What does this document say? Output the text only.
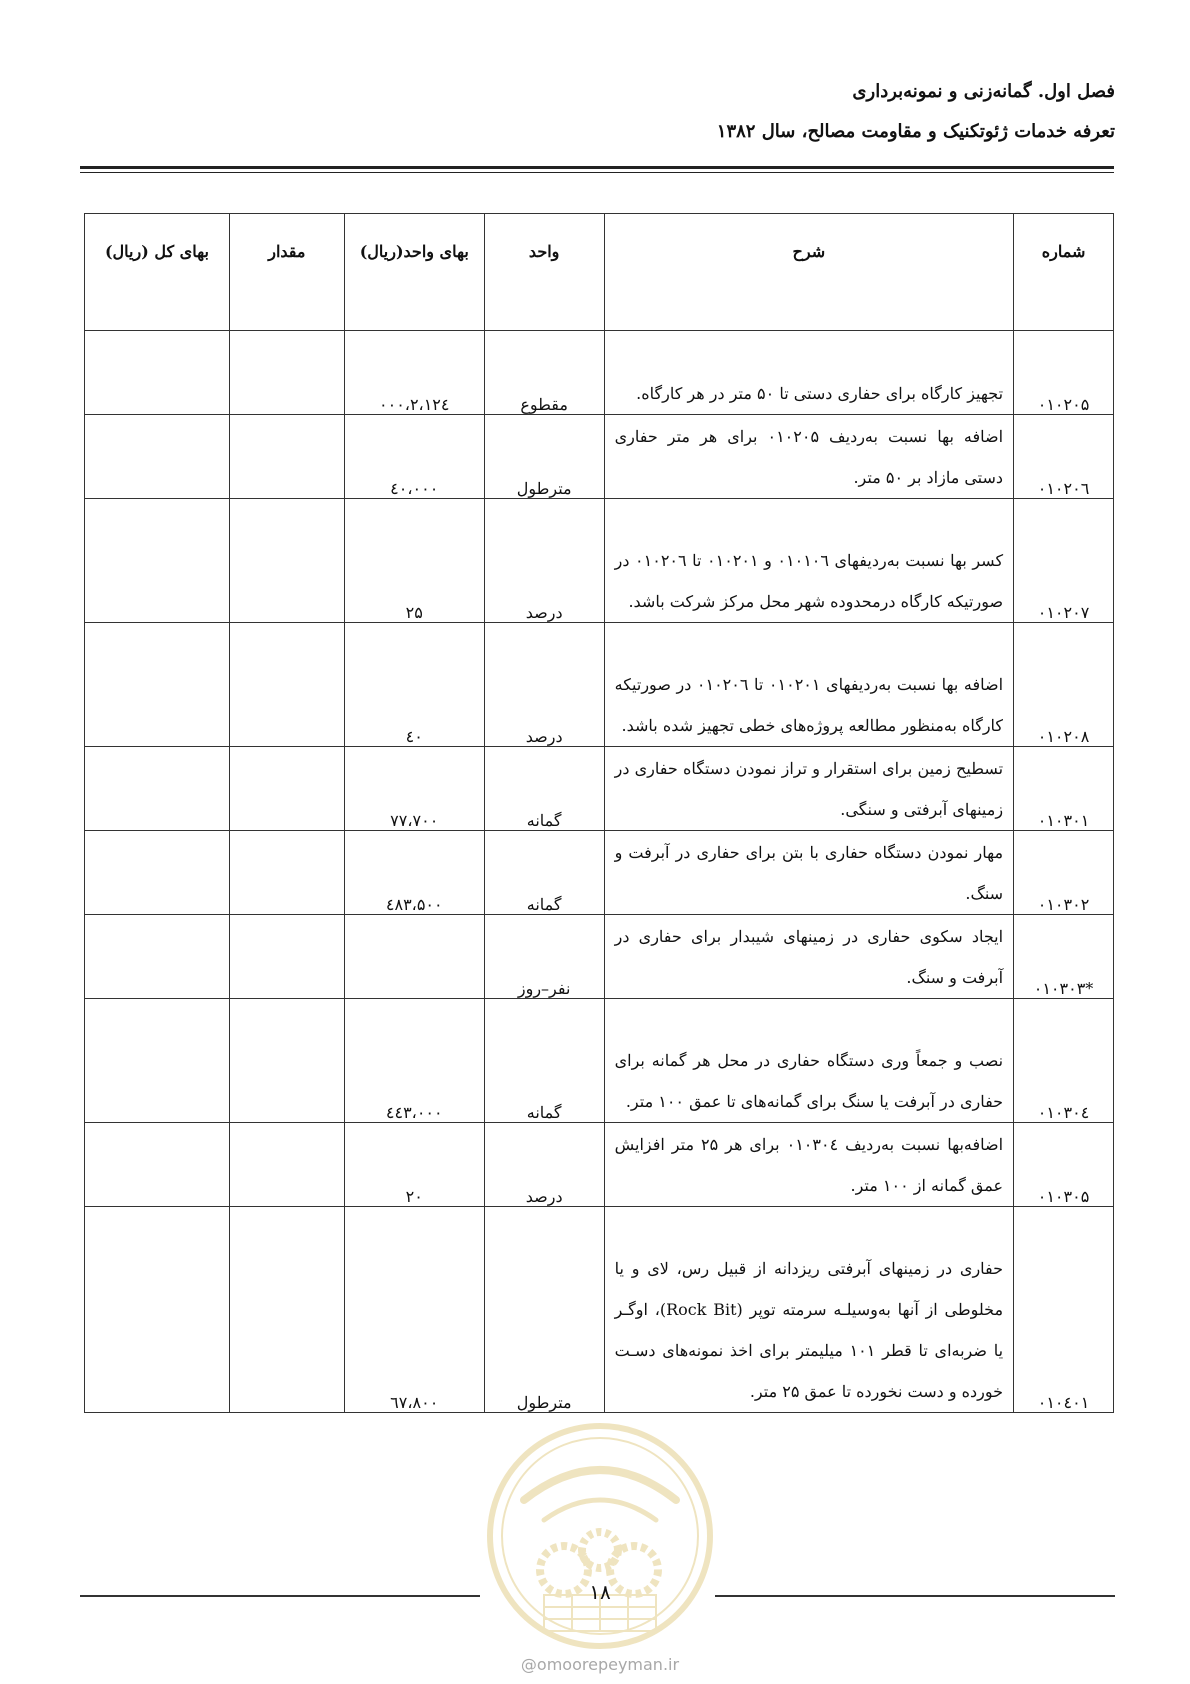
فصل اول. گمانه‌زنی و نمونه‌برداری
تعرفه خدمات ژئوتکنیک و مقاومت مصالح، سال ۱۳۸۲
شماره	شرح	واحد	بهای واحد(ریال)	مقدار	بهای کل (ریال)
۰۱۰۲۰۵	تجهیز کارگاه برای حفاری دستی تا ۵۰ متر در هر کارگاه.	مقطوع	۲،۱۲٤،۰۰۰		
۰۱۰۲۰٦	اضافه بها نسبت به‌ردیف ۰۱۰۲۰۵ برای هر متر حفاری دستی مازاد بر ۵۰ متر.	مترطول	٤۰،۰۰۰		
۰۱۰۲۰۷	کسر بها نسبت به‌ردیفهای ۰۱۰۱۰٦ و ۰۱۰۲۰۱ تا ۰۱۰۲۰٦ در صورتیکه کارگاه درمحدوده شهر محل مرکز شرکت باشد.	درصد	۲۵		
۰۱۰۲۰۸	اضافه بها نسبت به‌ردیفهای ۰۱۰۲۰۱ تا ۰۱۰۲۰٦ در صورتیکه کارگاه به‌منظور مطالعه پروژه‌های خطی تجهیز شده باشد.	درصد	٤۰		
۰۱۰۳۰۱	تسطیح زمین برای استقرار و تراز نمودن دستگاه حفاری در زمینهای آبرفتی و سنگی.	گمانه	۷۷،۷۰۰		
۰۱۰۳۰۲	مهار نمودن دستگاه حفاری با بتن برای حفاری در آبرفت و سنگ.	گمانه	٤۸۳،۵۰۰		
*۰۱۰۳۰۳	ایجاد سکوی حفاری در زمینهای شیبدار برای حفاری در آبرفت و سنگ.	نفر–روز			
۰۱۰۳۰٤	نصب و جمعاً وری دستگاه حفاری در محل هر گمانه برای حفاری در آبرفت یا سنگ برای گمانه‌های تا عمق ۱۰۰ متر.	گمانه	٤٤۳،۰۰۰		
۰۱۰۳۰۵	اضافه‌بها نسبت به‌ردیف ۰۱۰۳۰٤ برای هر ۲۵ متر افزایش عمق گمانه از ۱۰۰ متر.	درصد	۲۰		
۰۱۰٤۰۱	حفاری در زمینهای آبرفتی ریزدانه از قبیل رس، لای و یا مخلوطی از آنها به‌وسیلـه سرمته توپر (Rock Bit)، اوگـر یا ضربه‌ای تا قطر ۱۰۱ میلیمتر برای اخذ نمونه‌های دسـت خورده و دست نخورده تا عمق ۲۵ متر.	مترطول	٦۷،۸۰۰		
۱۸
@omoorepeyman.ir
